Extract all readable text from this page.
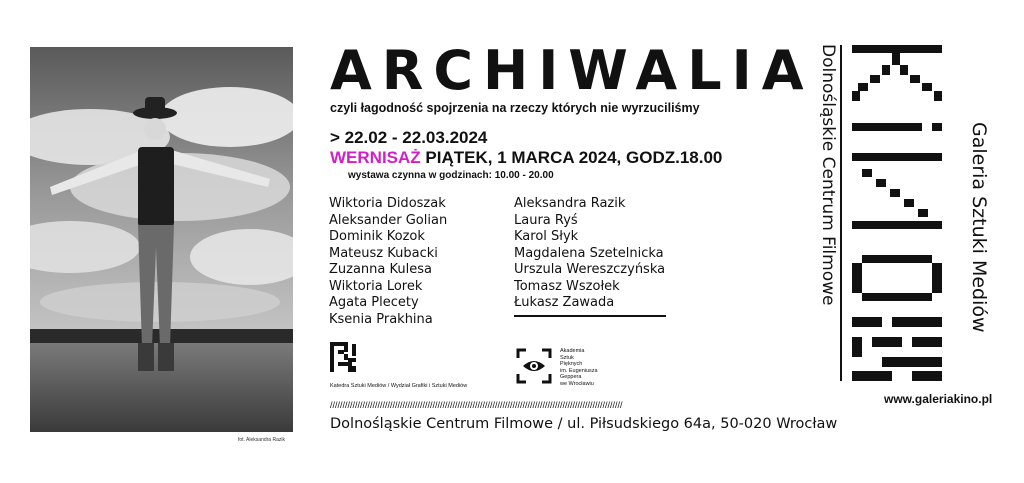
fot. Aleksandra Razik
ARCHIWALIA
czyli łagodność spojrzenia na rzeczy których nie wyrzuciliśmy
> 22.02 - 22.03.2024
WERNISAŻ PIĄTEK, 1 MARCA 2024, GODZ.18.00
wystawa czynna w godzinach: 10.00 - 20.00
Wiktoria Didoszak
Aleksander Golian
Dominik Kozok
Mateusz Kubacki
Zuzanna Kulesa
Wiktoria Lorek
Agata Plecety
Ksenia Prakhina
Aleksandra Razik
Laura Ryś
Karol Słyk
Magdalena Szetelnicka
Urszula Wereszczyńska
Tomasz Wszołek
Łukasz Zawada
Katedra Sztuki Mediów / Wydział Grafiki i Sztuki Mediów
Akademia
Sztuk
Pięknych
im. Eugeniusza
Geppera
we Wrocławiu
/////////////////////////////////////////////////////////////////////////////////////////////////////////////////////
Dolnośląskie Centrum Filmowe / ul. Piłsudskiego 64a, 50-020 Wrocław
Dolnośląskie Centrum Filmowe	Galeria Sztuki Mediów
www.galeriakino.pl
